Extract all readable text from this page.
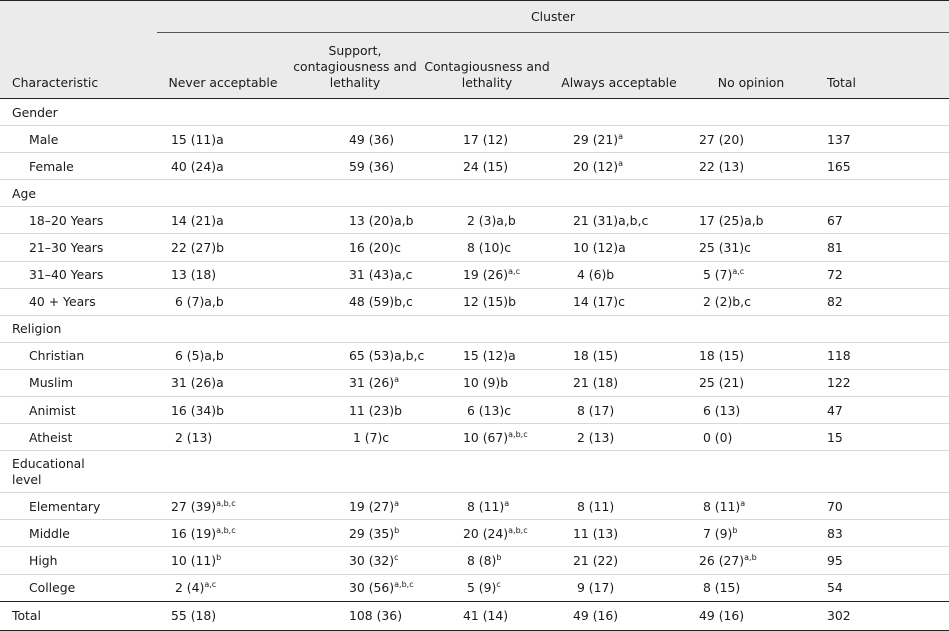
	Cluster					
Characteristic	Never acceptable	Support, contagiousness and lethality	Contagiousness and lethality	Always acceptable	No opinion	Total
Gender						
Male	15 (11)a	49 (36)	17 (12)	29 $(21)^a$	27 (20)	137
Female	40 (24)a	59 (36)	24 (15)	20 $(12)^a$	22 (13)	165
Age						
18–20 Years	14 (21)a	13 (20)a,b	2 (3)a,b	21 (31)a,b,c	17 (25)a,b	67
21–30 Years	22 (27)b	16 (20)c	8 (10)c	10 (12)a	25 (31)c	81
31–40 Years	13 (18)	31 (43)a,c	19 $(26)^{a,c}$	4 (6)b	5 $(7)^{a,c}$	72
40 + Years	6 (7)a,b	48 (59)b,c	12 (15)b	14 (17)c	2 (2)b,c	82
Religion						
Christian	6 (5)a,b	65 (53)a,b,c	15 (12)a	18 (15)	18 (15)	118
Muslim	31 (26)a	31 $(26)^a$	10 (9)b	21 (18)	25 (21)	122
Animist	16 (34)b	11 (23)b	6 (13)c	8 (17)	6 (13)	47
Atheist	2 (13)	1 (7)c	10 $(67)^{a,b,c}$	2 (13)	0 (0)	15
Educational level						
Elementary	27 $(39)^{a,b,c}$	19 $(27)^a$	8 $(11)^a$	8 (11)	8 $(11)^a$	70
Middle	16 $(19)^{a,b,c}$	29 $(35)^b$	20 $(24)^{a,b,c}$	11 (13)	7 $(9)^b$	83
High	10 $(11)^b$	30 $(32)^c$	8 $(8)^b$	21 (22)	26 $(27)^{a,b}$	95
College	2 $(4)^{a,c}$	30 $(56)^{a,b,c}$	5 $(9)^c$	9 (17)	8 (15)	54
Total	55 (18)	108 (36)	41 (14)	49 (16)	49 (16)	302
